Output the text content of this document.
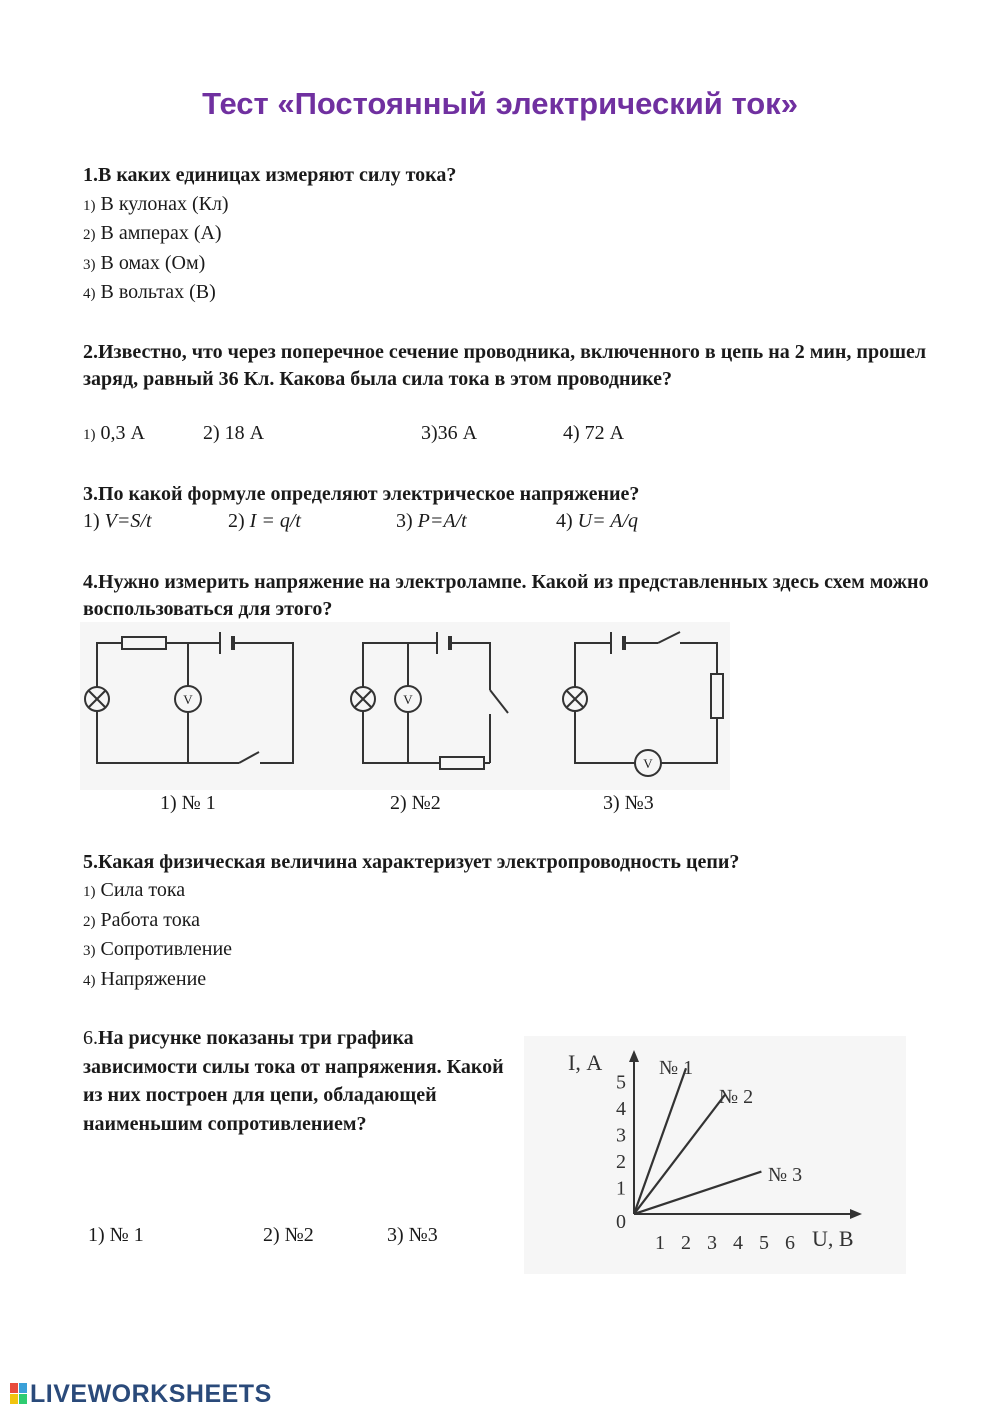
Тест «Постоянный электрический ток»
1.В каких единицах измеряют силу тока?
1) В кулонах (Кл)
2) В амперах (А)
3) В омах (Ом)
4) В вольтах (В)
2.Известно, что через поперечное сечение проводника, включенного в цепь на 2 мин, прошел заряд, равный 36 Кл. Какова была сила тока в этом проводнике?
1) 0,3 А	2) 18 А	3)36 А	4) 72 А
3.По какой формуле определяют электрическое напряжение?
1) V=S/t	2) I = q/t	3) P=A/t	4) U= A/q
4.Нужно измерить напряжение на электролампе. Какой из представленных здесь схем можно воспользоваться для этого?
V	V
V
1) № 1	2) №2	3) №3
5.Какая физическая величина характеризует электропроводность цепи?
1) Сила тока
2) Работа тока
3) Сопротивление
4) Напряжение
6.На рисунке показаны три графика зависимости силы тока от напряжения. Какой из них построен для цепи, обладающей наименьшим сопротивлением?
1) № 1	2) №2	3) №3
I, А
U, В
0
1 2 3 4 5 6
1
2
3
4
5
№ 1
№ 2
№ 3
LIVEWORKSHEETS
